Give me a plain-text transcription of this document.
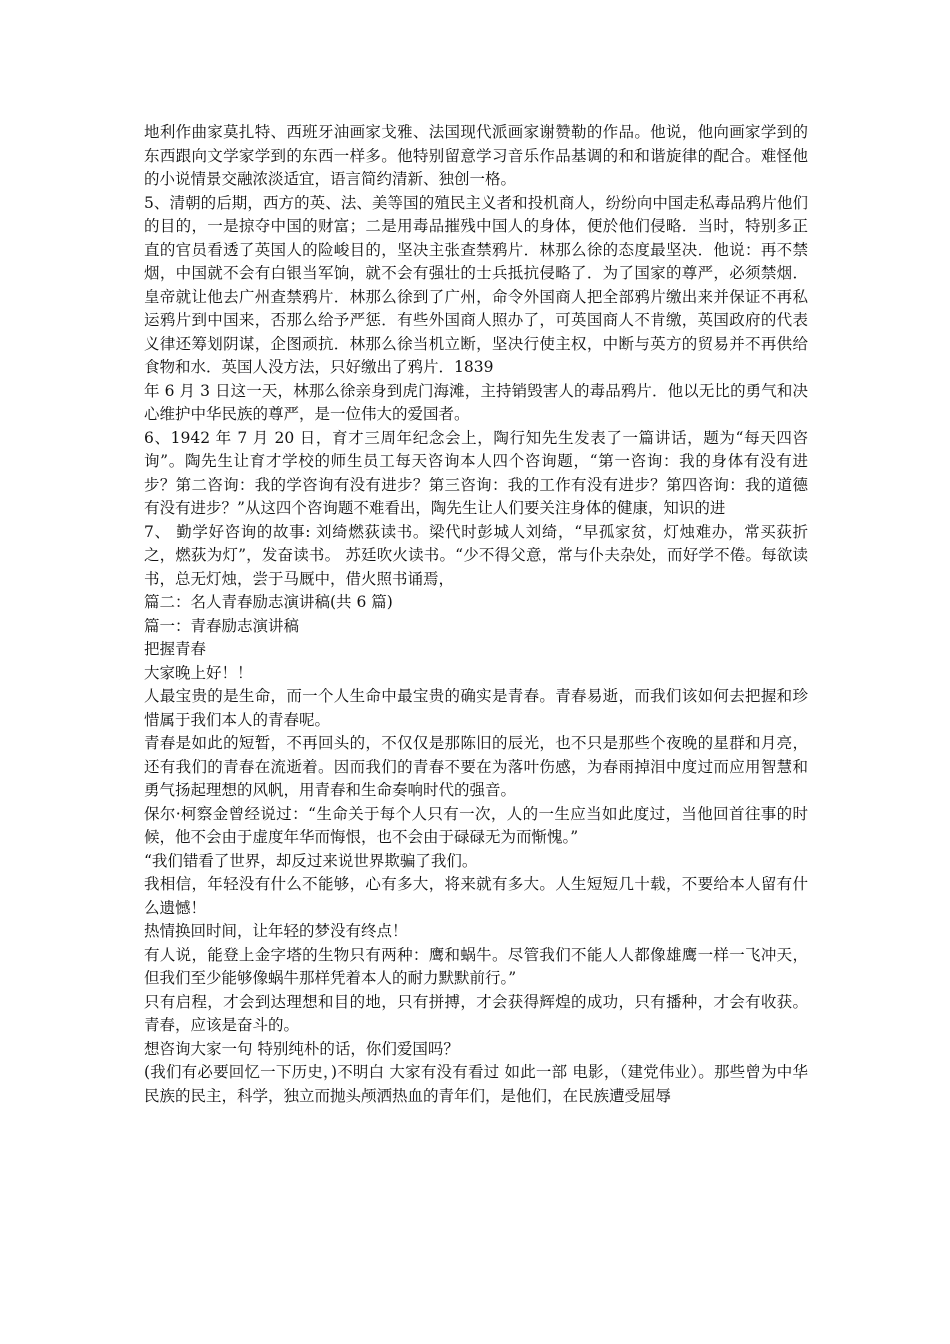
地利作曲家莫扎特、西班牙油画家戈雅、法国现代派画家谢赞勒的作品。他说，他向画家学到的东西跟向文学家学到的东西一样多。他特别留意学习音乐作品基调的和和谐旋律的配合。难怪他的小说情景交融浓淡适宜，语言简约清新、独创一格。

5、清朝的后期，西方的英、法、美等国的殖民主义者和投机商人，纷纷向中国走私毒品鸦片他们的目的，一是掠夺中国的财富；二是用毒品摧残中国人的身体，便於他们侵略．当时，特别多正直的官员看透了英国人的险峻目的，坚决主张查禁鸦片．林那么徐的态度最坚决．他说：再不禁烟，中国就不会有白银当军饷，就不会有强壮的士兵抵抗侵略了．为了国家的尊严，必须禁烟．皇帝就让他去广州查禁鸦片．林那么徐到了广州，命令外国商人把全部鸦片缴出来并保证不再私运鸦片到中国来，否那么给予严惩．有些外国商人照办了，可英国商人不肯缴，英国政府的代表义律还筹划阴谋，企图顽抗．林那么徐当机立断，坚决行使主权，中断与英方的贸易并不再供给食物和水．英国人没方法，只好缴出了鸦片．1839

年 6 月 3 日这一天，林那么徐亲身到虎门海滩，主持销毁害人的毒品鸦片．他以无比的勇气和决心维护中华民族的尊严，是一位伟大的爱国者。

6、1942 年 7 月 20 日，育才三周年纪念会上，陶行知先生发表了一篇讲话，题为“每天四咨询”。陶先生让育才学校的师生员工每天咨询本人四个咨询题，“第一咨询：我的身体有没有进步？第二咨询：我的学咨询有没有进步？第三咨询：我的工作有没有进步？第四咨询：我的道德有没有进步？”从这四个咨询题不难看出，陶先生让人们要关注身体的健康，知识的进

7、 勤学好咨询的故事: 刘绮燃荻读书。梁代时彭城人刘绮，“早孤家贫，灯烛难办，常买荻折之，燃荻为灯”，发奋读书。 苏廷吹火读书。“少不得父意，常与仆夫杂处，而好学不倦。每欲读书，总无灯烛，尝于马厩中，借火照书诵焉，

篇二：名人青春励志演讲稿(共 6 篇)

篇一：青春励志演讲稿

把握青春

大家晚上好！！

人最宝贵的是生命，而一个人生命中最宝贵的确实是青春。青春易逝，而我们该如何去把握和珍惜属于我们本人的青春呢。

青春是如此的短暂，不再回头的，不仅仅是那陈旧的辰光，也不只是那些个夜晚的星群和月亮，还有我们的青春在流逝着。因而我们的青春不要在为落叶伤感，为春雨掉泪中度过而应用智慧和勇气扬起理想的风帆，用青春和生命奏响时代的强音。

保尔·柯察金曾经说过：“生命关于每个人只有一次，人的一生应当如此度过，当他回首往事的时候，他不会由于虚度年华而悔恨，也不会由于碌碌无为而惭愧。”

“我们错看了世界，却反过来说世界欺骗了我们。

我相信，年轻没有什么不能够，心有多大，将来就有多大。人生短短几十载，不要给本人留有什么遗憾！

热情换回时间，让年轻的梦没有终点！

有人说，能登上金字塔的生物只有两种：鹰和蜗牛。尽管我们不能人人都像雄鹰一样一飞冲天，但我们至少能够像蜗牛那样凭着本人的耐力默默前行。”

只有启程，才会到达理想和目的地，只有拼搏，才会获得辉煌的成功，只有播种，才会有收获。青春，应该是奋斗的。

想咨询大家一句 特别纯朴的话，你们爱国吗？

(我们有必要回忆一下历史，)不明白 大家有没有看过 如此一部 电影，（建党伟业）。那些曾为中华民族的民主，科学，独立而抛头颅洒热血的青年们，是他们，在民族遭受屈辱
